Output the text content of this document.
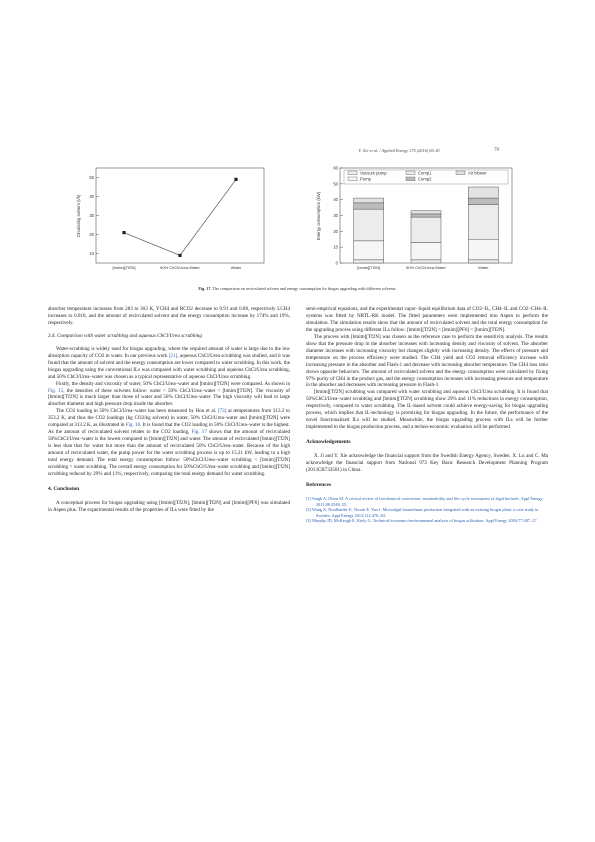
Y. Xie et al. / Applied Energy 175 (2016) 69–81	79
Circulating solvent (t/h)
10
20
30
40
50
[bmim][Tf2N]	50% ChCl/Urea-Water	Water
Energy consumption (kW)
Vacuum pump
Pump
Comp1
Comp2
Air blower
0
10
20
30
40
50
60
[bmim][Tf2N]	50% ChCl/Urea-Water	Water
Fig. 17. The comparison on recirculated solvent and energy consumption for biogas upgrading with different solvents.

absorber temperature increases from 283 to 303 K, YCH4 and RCO2 decrease to 0.91 and 0.88, respectively LCH4 increases to 0.018, and the amount of recirculated solvent and the energy consumption increase by 174% and 19%, respectively.

3.4. Comparison with water scrubbing and aqueous ChCl/Urea scrubbing

Water-scrubbing is widely used for biogas upgrading, where the required amount of water is large due to the low absorption capacity of CO2 in water. In our previous work [21], aqueous ChCl/Urea scrubbing was studied, and it was found that the amount of solvent and the energy consumption are lower compared to water scrubbing. In this work, the biogas upgrading using the conventional ILs was compared with water scrubbing and aqueous ChCl/Urea scrubbing, and 50% ChCl/Urea–water was chosen as a typical representative of aqueous ChCl/Urea scrubbing.

Firstly, the density and viscosity of water, 50% ChCl/Urea–water and [bmim][Tf2N] were compared. As shown in Fig. 15, the densities of these solvents follow: water < 50% ChCl/Urea–water < [bmim][Tf2N]. The viscosity of [bmim][Tf2N] is much larger than those of water and 50% ChCl/Urea–water. The high viscosity will lead to large absorber diameter and high pressure drop inside the absorber.

The CO2 loading in 50% ChCl/Urea–water has been measured by Hou et al. [73] at temperatures from 313.2 to 353.2 K, and thus the CO2 loadings (kg CO2/kg solvent) in water, 50% ChCl/Urea–water and [bmim][Tf2N] were compared at 313.2 K, as illustrated in Fig. 16. It is found that the CO2 loading in 50% ChCl/Urea–water is the highest. As the amount of recirculated solvent relates to the CO2 loading, Fig. 17 shows that the amount of recirculated 50%ChCl/Urea–water is the lowest compared to [bmim][Tf2N] and water. The amount of recirculated [bmim][Tf2N] is less than that for water but more than the amount of recirculated 50% ChCl/Urea–water. Because of the high amount of recirculated water, the pump power for the water scrubbing process is up to 15.21 kW, leading to a high total energy demand. The total energy consumption follow: 50%ChCl/Urea–water scrubbing < [bmim][Tf2N] scrubbing < water scrubbing. The overall energy consumption for 50%ChCl/Urea–water scrubbing and [bmim][Tf2N] scrubbing reduced by 29% and 11%, respectively, comparing the total energy demand for water scrubbing.

4. Conclusion

A conceptual process for biogas upgrading using [bmim][Tf2N], [bmim][Tf2N] and [bmim][PF6] was simulated in Aspen plus. The experimental results of the properties of ILs were fitted by the

semi-empirical equations, and the experimental vapor–liquid equilibrium data of CO2–IL, CH4–IL and CO2–CH4–IL systems was fitted by NRTL-RK model. The fitted parameters were implemented into Aspen to perform the simulation. The simulation results show that the amount of recirculated solvent and the total energy consumption for the upgrading process using different ILs follow: [bmim][Tf2N] < [bmim][PF6] < [hmim][Tf2N].

The process with [bmim][Tf2N] was chosen as the reference case to perform the sensitivity analysis. The results show that the pressure drop in the absorber increases with increasing density and viscosity of solvent. The absorber diameter increases with increasing viscosity but changes slightly with increasing density. The effects of pressure and temperature on the process efficiency were studied. The CH4 yield and CO2 removal efficiency increase with increasing pressure in the absorber and Flash-1 and decrease with increasing absorber temperature. The CH4 loss ratio shows opposite behaviors. The amount of recirculated solvent and the energy consumption were calculated by fixing 97% purity of CH4 in the product gas, and the energy consumption increases with increasing pressure and temperature in the absorber and decreases with increasing pressure in Flash-1.

[bmim][Tf2N] scrubbing was compared with water scrubbing and aqueous ChCl/Urea scrubbing. It is found that 50%ChCl/Urea–water scrubbing and [bmim][Tf2N] scrubbing show 29% and 11% reductions in energy consumption, respectively, compared to water scrubbing. The IL-based solvent could achieve energy-saving for biogas upgrading process, which implies that IL-technology is promising for biogas upgrading. In the future, the performance of the novel functionalized ILs will be studied. Meanwhile, the biogas upgrading process with ILs will be further implemented to the biogas production process, and a techno-economic evaluation will be performed.

Acknowledgements

X. Ji and Y. Xie acknowledge the financial support from the Swedish Energy Agency, Sweden. X. Lu and C. Ma acknowledge the financial support from National 973 Key Basic Research Development Planning Program (2013CB733501) in China.

References
[1] Singh A, Olsen SI. A critical review of biochemical conversion, sustainability and life cycle assessment of algal biofuels. Appl Energy 2011;88:3548–55.
[2] Wang X, Nordlander E, Thorin E, Yan J. Microalgal biomethane production integrated with an existing biogas plant: a case study in Sweden. Appl Energy 2013;112:478–84.
[3] Murphy JD, McKeogh E, Kiely G. Technical/economic/environmental analysis of biogas utilisation. Appl Energy 2004;77:407–27.
